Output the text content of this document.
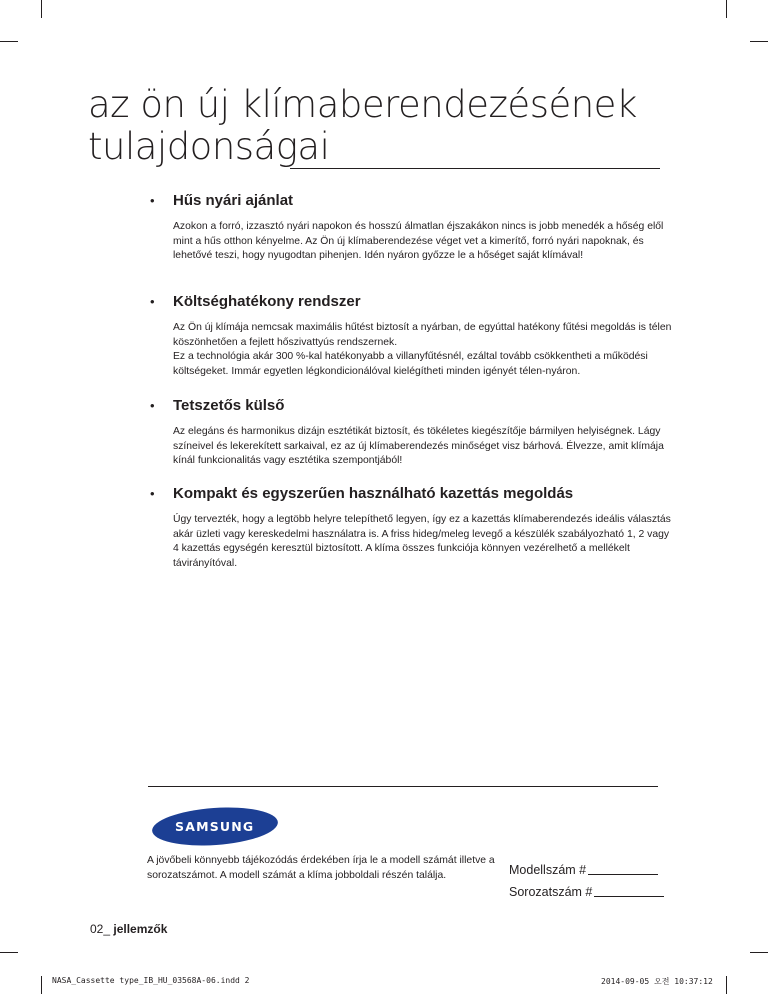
az ön új klímaberendezésének
tulajdonságai
• Hűs nyári ajánlat

Azokon a forró, izzasztó nyári napokon és hosszú álmatlan éjszakákon nincs is jobb menedék a hőség elől mint a hűs otthon kényelme. Az Ön új klímaberendezése véget vet a kimerítő, forró nyári napoknak, és lehetővé teszi, hogy nyugodtan pihenjen. Idén nyáron győzze le a hőséget saját klímával!

• Költséghatékony rendszer

Az Ön új klímája nemcsak maximális hűtést biztosít a nyárban, de egyúttal hatékony fűtési megoldás is télen köszönhetően a fejlett hőszivattyús rendszernek.

Ez a technológia akár 300 %-kal hatékonyabb a villanyfűtésnél, ezáltal tovább csökkentheti a működési költségeket. Immár egyetlen légkondicionálóval kielégítheti minden igényét télen-nyáron.

• Tetszetős külső

Az elegáns és harmonikus dizájn esztétikát biztosít, és tökéletes kiegészítője bármilyen helyiségnek. Lágy színeivel és lekerekített sarkaival, ez az új klímaberendezés minőséget visz bárhová. Élvezze, amit klímája kínál funkcionalitás vagy esztétika szempontjából!

• Kompakt és egyszerűen használható kazettás megoldás

Úgy tervezték, hogy a legtöbb helyre telepíthető legyen, így ez a kazettás klímaberendezés ideális választás akár üzleti vagy kereskedelmi használatra is. A friss hideg/meleg levegő a készülék szabályozható 1, 2 vagy 4 kazettás egységén keresztül biztosított. A klíma összes funkciója könnyen vezérelhető a mellékelt távirányítóval.

SAMSUNG
A jövőbeli könnyebb tájékozódás érdekében írja le a modell számát illetve a sorozatszámot. A modell számát a klíma jobboldali részén találja.	Modellszám #
Sorozatszám #
02_ jellemzők
NASA_Cassette type_IB_HU_03568A-06.indd 2	2014-09-05 오전 10:37:12
